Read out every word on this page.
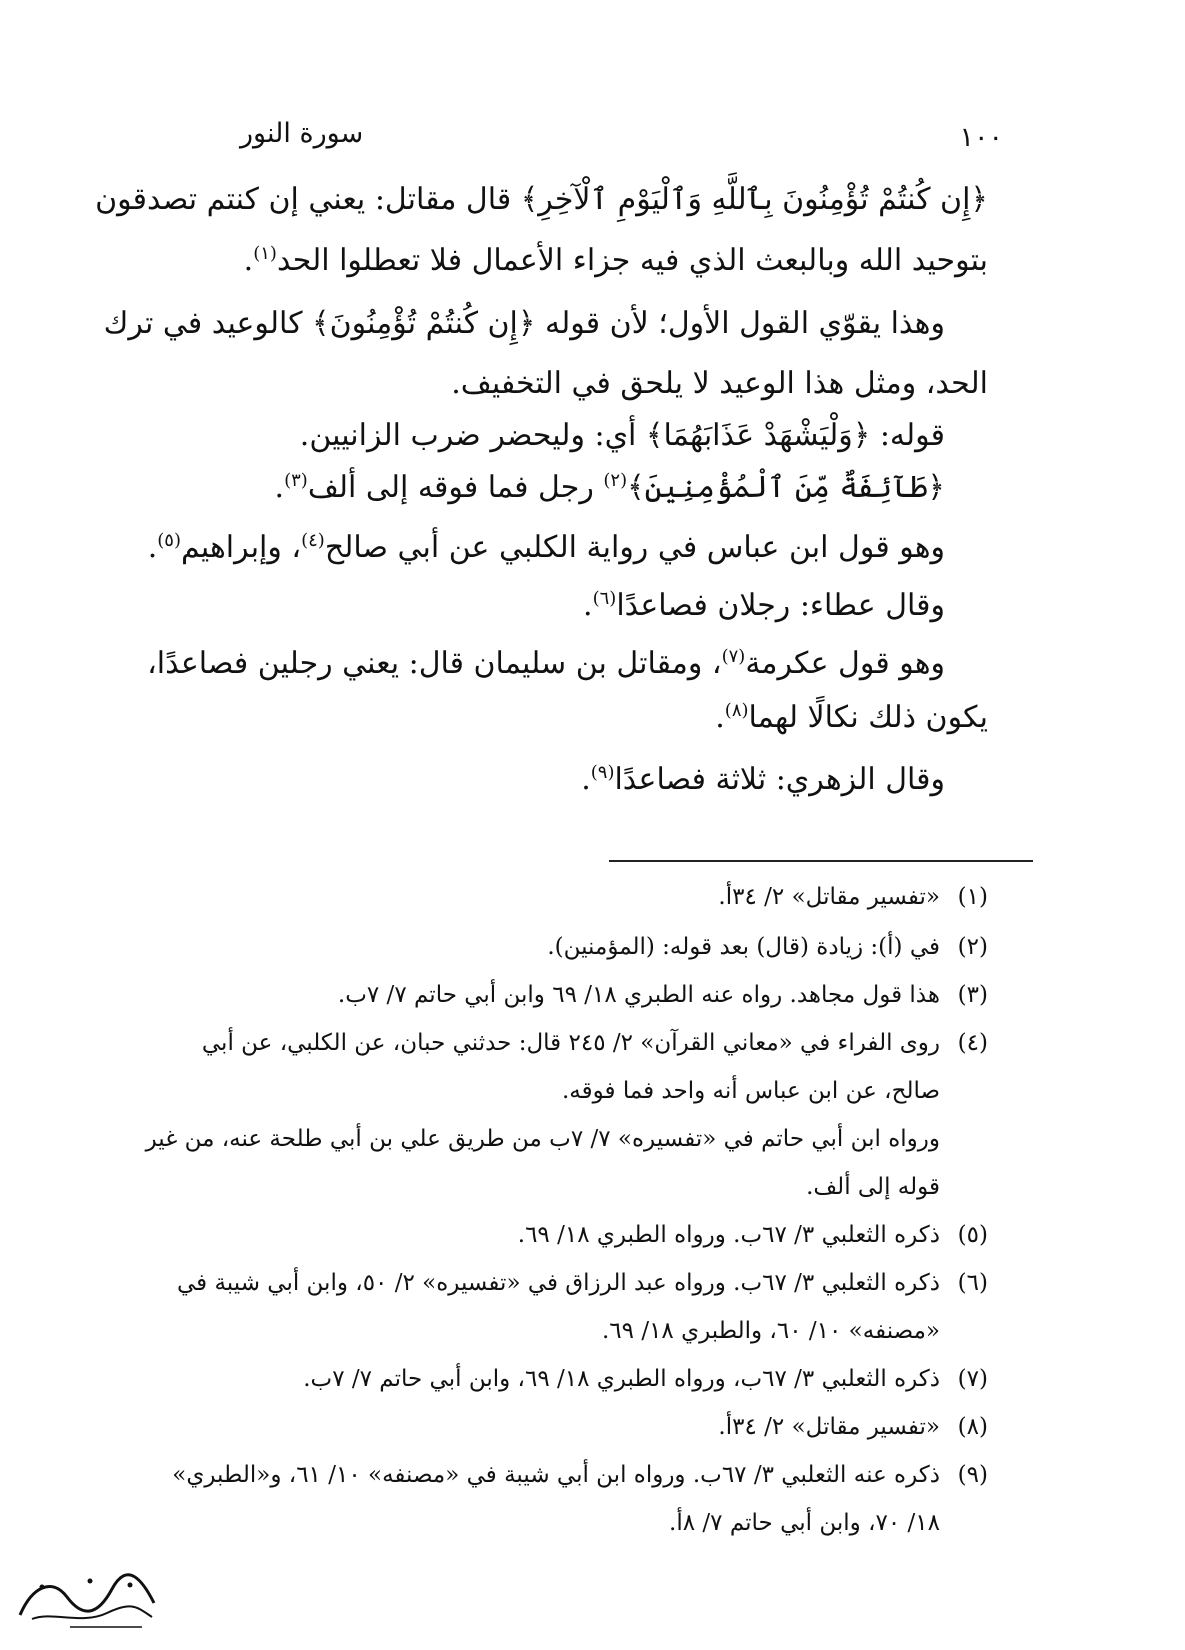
سورة النور	١٠٠
﴿إِن كُنتُمْ تُؤْمِنُونَ بِٱللَّهِ وَٱلْيَوْمِ ٱلْآخِرِ﴾ قال مقاتل: يعني إن كنتم تصدقون
بتوحيد الله وبالبعث الذي فيه جزاء الأعمال فلا تعطلوا الحد$^{(١)}$.
وهذا يقوّي القول الأول؛ لأن قوله ﴿إِن كُنتُمْ تُؤْمِنُونَ﴾ كالوعيد في ترك
الحد، ومثل هذا الوعيد لا يلحق في التخفيف.
قوله: ﴿وَلْيَشْهَدْ عَذَابَهُمَا﴾ أي: وليحضر ضرب الزانيين.
﴿طَآئِفَةٌ مِّنَ ٱلْمُؤْمِنِينَ﴾$^{(٢)}$ رجل فما فوقه إلى ألف$^{(٣)}$.
وهو قول ابن عباس في رواية الكلبي عن أبي صالح$^{(٤)}$، وإبراهيم$^{(٥)}$.
وقال عطاء: رجلان فصاعدًا$^{(٦)}$.
وهو قول عكرمة$^{(٧)}$، ومقاتل بن سليمان قال: يعني رجلين فصاعدًا،
يكون ذلك نكالًا لهما$^{(٨)}$.
وقال الزهري: ثلاثة فصاعدًا$^{(٩)}$.
(١)«تفسير مقاتل» ٢/ ٣٤أ.
(٢)في (أ): زيادة (قال) بعد قوله: (المؤمنين).
(٣)هذا قول مجاهد. رواه عنه الطبري ١٨/ ٦٩ وابن أبي حاتم ٧/ ٧ب.
(٤)روى الفراء في «معاني القرآن» ٢/ ٢٤٥ قال: حدثني حبان، عن الكلبي، عن أبي
صالح، عن ابن عباس أنه واحد فما فوقه.
ورواه ابن أبي حاتم في «تفسيره» ٧/ ٧ب من طريق علي بن أبي طلحة عنه، من غير
قوله إلى ألف.
(٥)ذكره الثعلبي ٣/ ٦٧ب. ورواه الطبري ١٨/ ٦٩.
(٦)ذكره الثعلبي ٣/ ٦٧ب. ورواه عبد الرزاق في «تفسيره» ٢/ ٥٠، وابن أبي شيبة في
«مصنفه» ١٠/ ٦٠، والطبري ١٨/ ٦٩.
(٧)ذكره الثعلبي ٣/ ٦٧ب، ورواه الطبري ١٨/ ٦٩، وابن أبي حاتم ٧/ ٧ب.
(٨)«تفسير مقاتل» ٢/ ٣٤أ.
(٩)ذكره عنه الثعلبي ٣/ ٦٧ب. ورواه ابن أبي شيبة في «مصنفه» ١٠/ ٦١، و«الطبري»
١٨/ ٧٠، وابن أبي حاتم ٧/ ٨أ.
